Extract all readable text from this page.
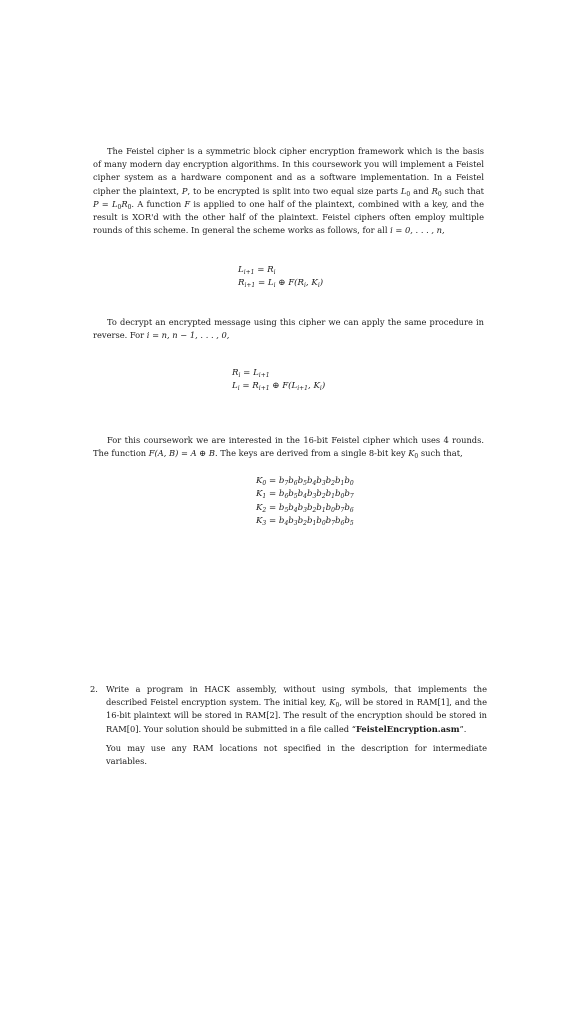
The Feistel cipher is a symmetric block cipher encryption framework which is the basis of many modern day encryption algorithms. In this coursework you will implement a Feistel cipher system as a hardware component and as a software implementation. In a Feistel cipher the plaintext, P, to be encrypted is split into two equal size parts $L_0$ and $R_0$ such that $P = L_0R_0$. A function F is applied to one half of the plaintext, combined with a key, and the result is XOR'd with the other half of the plaintext. Feistel ciphers often employ multiple rounds of this scheme. In general the scheme works as follows, for all i = 0, . . . , n,

$L_{i+1} = R_i$
$R_{i+1} = L_i$ ⊕ $F(R_i$, $K_i$)

To decrypt an encrypted message using this cipher we can apply the same procedure in reverse. For i = n, n − 1, . . . , 0,

$R_i = L_{i+1}$
$L_i = R_{i+1}$ ⊕ $F(L_{i+1}$, $K_i$)

For this coursework we are interested in the 16-bit Feistel cipher which uses 4 rounds. The function F(A, B) = A ⊕ B. The keys are derived from a single 8-bit key $K_0$ such that,

$K_0 = b_7b_6b_5b_4b_3b_2b_1b_0$
$K_1 = b_6b_5b_4b_3b_2b_1b_0b_7$
$K_2 = b_5b_4b_3b_2b_1b_0b_7b_6$
$K_3 = b_4b_3b_2b_1b_0b_7b_6b_5$
2. Write a program in HACK assembly, without using symbols, that implements the described Feistel encryption system. The initial key, $K_0$, will be stored in RAM[1], and the 16-bit plaintext will be stored in RAM[2]. The result of the encryption should be stored in RAM[0]. Your solution should be submitted in a file called “FeistelEncryption.asm”.

You may use any RAM locations not specified in the description for intermediate variables.
